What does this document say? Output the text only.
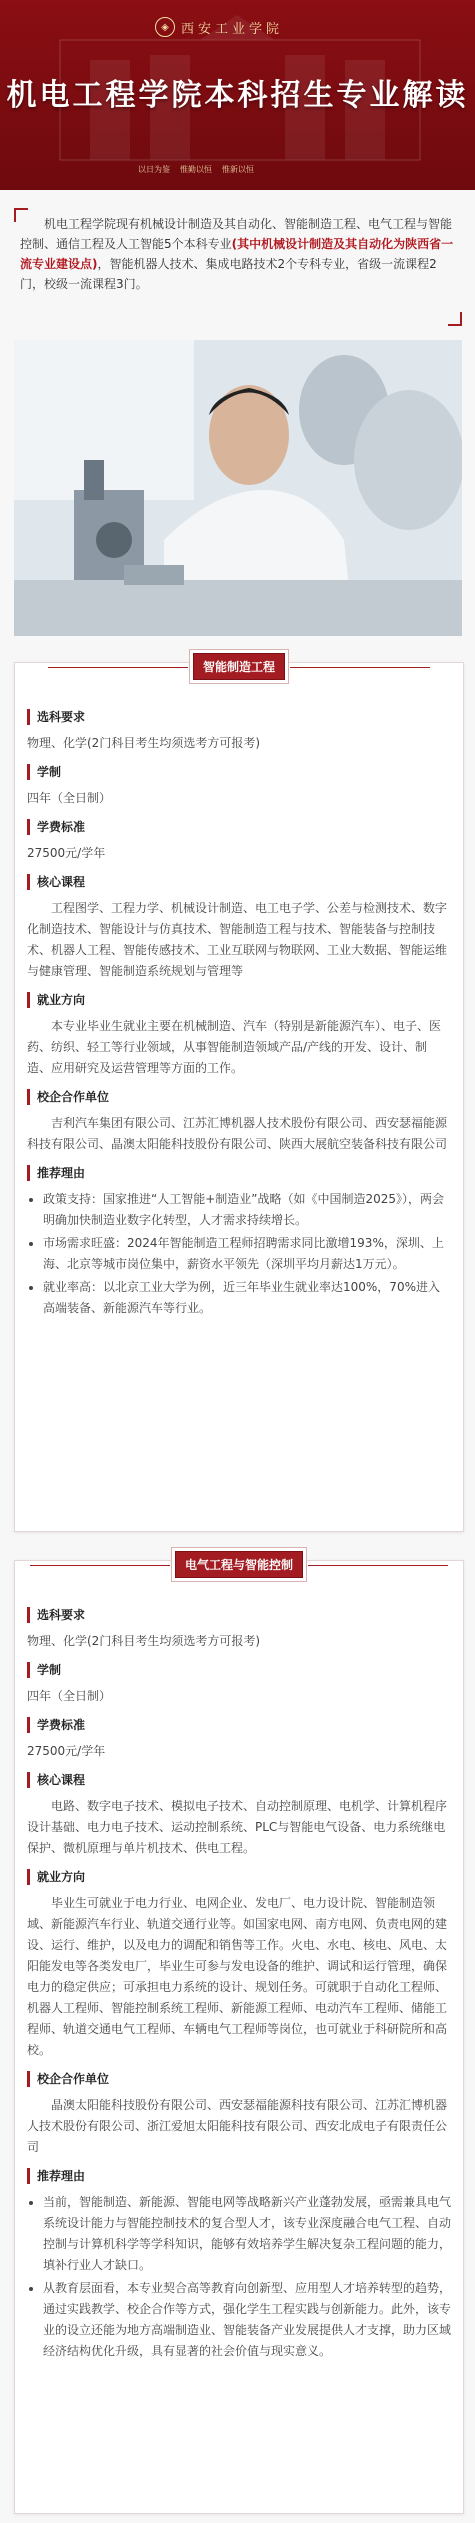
◈ 西安工业学院
机电工程学院本科招生专业解读
以日为鉴 惟勤以恒 惟新以恒

机电工程学院现有机械设计制造及其自动化、智能制造工程、电气工程与智能控制、通信工程及人工智能5个本科专业(其中机械设计制造及其自动化为陕西省一流专业建设点)，智能机器人技术、集成电路技术2个专科专业，省级一流课程2门，校级一流课程3门。

智能制造工程
选科要求
物理、化学(2门科目考生均须选考方可报考)
学制
四年（全日制）
学费标准
27500元/学年
核心课程
工程图学、工程力学、机械设计制造、电工电子学、公差与检测技术、数字化制造技术、智能设计与仿真技术、智能制造工程与技术、智能装备与控制技术、机器人工程、智能传感技术、工业互联网与物联网、工业大数据、智能运维与健康管理、智能制造系统规划与管理等
就业方向
本专业毕业生就业主要在机械制造、汽车（特别是新能源汽车）、电子、医药、纺织、轻工等行业领域，从事智能制造领域产品/产线的开发、设计、制造、应用研究及运营管理等方面的工作。
校企合作单位
吉利汽车集团有限公司、江苏汇博机器人技术股份有限公司、西安瑟福能源科技有限公司、晶澳太阳能科技股份有限公司、陕西大展航空装备科技有限公司
推荐理由
• 政策支持：国家推进“人工智能+制造业”战略（如《中国制造2025》），两会明确加快制造业数字化转型，人才需求持续增长。
• 市场需求旺盛：2024年智能制造工程师招聘需求同比激增193%，深圳、上海、北京等城市岗位集中，薪资水平领先（深圳平均月薪达1万元）。
• 就业率高：以北京工业大学为例，近三年毕业生就业率达100%，70%进入高端装备、新能源汽车等行业。
电气工程与智能控制
选科要求
物理、化学(2门科目考生均须选考方可报考)
学制
四年（全日制）
学费标准
27500元/学年
核心课程
电路、数字电子技术、模拟电子技术、自动控制原理、电机学、计算机程序设计基础、电力电子技术、运动控制系统、PLC与智能电气设备、电力系统继电保护、微机原理与单片机技术、供电工程。
就业方向
毕业生可就业于电力行业、电网企业、发电厂、电力设计院、智能制造领域、新能源汽车行业、轨道交通行业等。如国家电网、南方电网、负责电网的建设、运行、维护，以及电力的调配和销售等工作。火电、水电、核电、风电、太阳能发电等各类发电厂，毕业生可参与发电设备的维护、调试和运行管理，确保电力的稳定供应；可承担电力系统的设计、规划任务。可就职于自动化工程师、机器人工程师、智能控制系统工程师、新能源工程师、电动汽车工程师、储能工程师、轨道交通电气工程师、车辆电气工程师等岗位，也可就业于科研院所和高校。
校企合作单位
晶澳太阳能科技股份有限公司、西安瑟福能源科技有限公司、江苏汇博机器人技术股份有限公司、浙江爱旭太阳能科技有限公司、西安北成电子有限责任公司
推荐理由
• 当前，智能制造、新能源、智能电网等战略新兴产业蓬勃发展，亟需兼具电气系统设计能力与智能控制技术的复合型人才，该专业深度融合电气工程、自动控制与计算机科学等学科知识，能够有效培养学生解决复杂工程问题的能力，填补行业人才缺口。
• 从教育层面看，本专业契合高等教育向创新型、应用型人才培养转型的趋势，通过实践教学、校企合作等方式，强化学生工程实践与创新能力。此外，该专业的设立还能为地方高端制造业、智能装备产业发展提供人才支撑，助力区域经济结构优化升级，具有显著的社会价值与现实意义。
